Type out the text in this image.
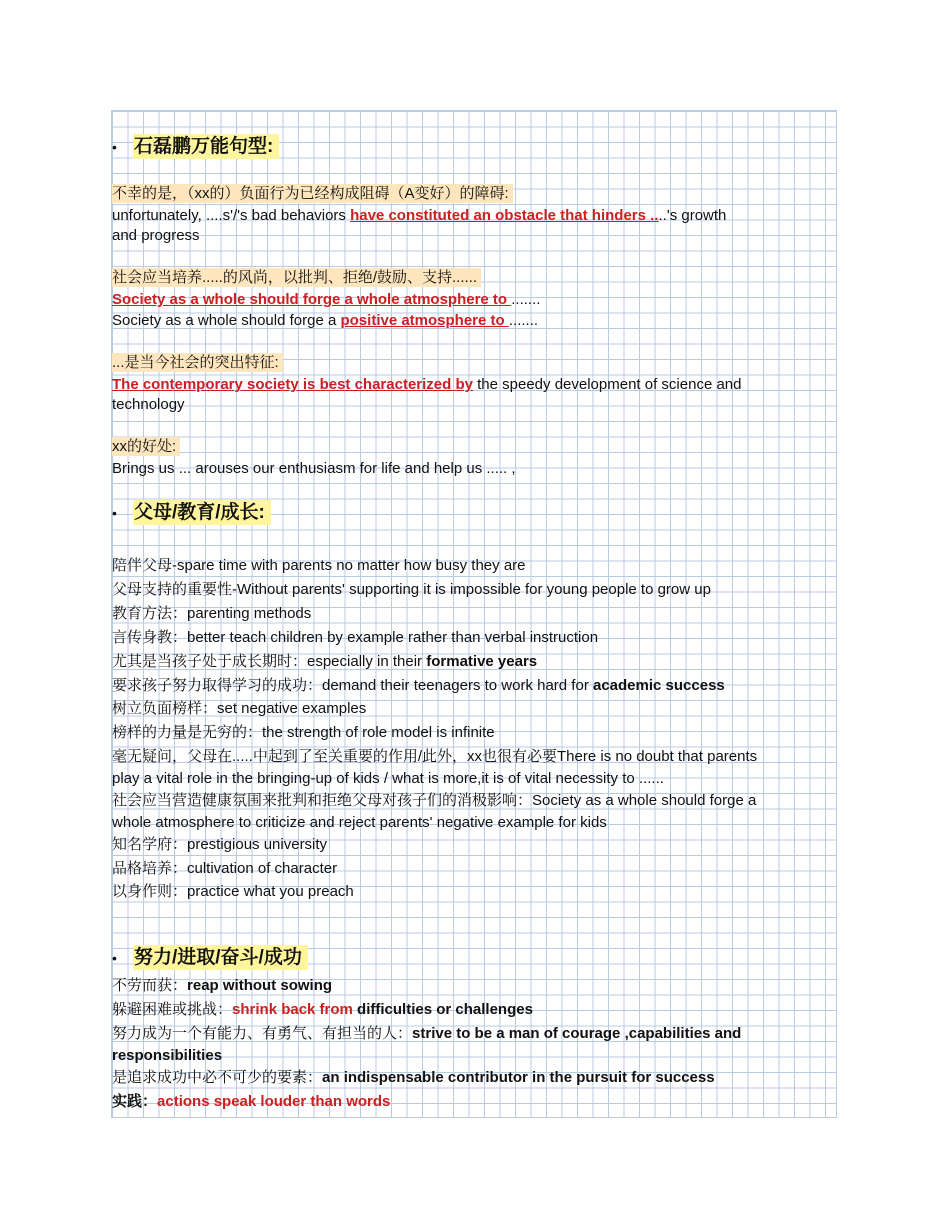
• 石磊鹏万能句型:
不幸的是，（xx的）负面行为已经构成阻碍（A变好）的障碍:
unfortunately, ....s'/'s bad behaviors have constituted an obstacle that hinders ....'s growth
and progress
社会应当培养.....的风尚，以批判、拒绝/鼓励、支持......
Society as a whole should forge a whole atmosphere to .......
Society as a whole should forge a positive atmosphere to .......
...是当今社会的突出特征:
The contemporary society is best characterized by the speedy development of science and
technology
xx的好处:
Brings us ... arouses our enthusiasm for life and help us ..... ,
• 父母/教育/成长:
陪伴父母-spare time with parents no matter how busy they are
父母支持的重要性-Without parents' supporting it is impossible for young people to grow up
教育方法：parenting methods
言传身教：better teach children by example rather than verbal instruction
尤其是当孩子处于成长期时：especially in their formative years
要求孩子努力取得学习的成功：demand their teenagers to work hard for academic success
树立负面榜样：set negative examples
榜样的力量是无穷的：the strength of role model is infinite
毫无疑问，父母在.....中起到了至关重要的作用/此外，xx也很有必要There is no doubt that parents
play a vital role in the bringing-up of kids / what is more,it is of vital necessity to ......
社会应当营造健康氛围来批判和拒绝父母对孩子们的消极影响：Society as a whole should forge a
whole atmosphere to criticize and reject parents' negative example for kids
知名学府：prestigious university
品格培养：cultivation of character
以身作则：practice what you preach
• 努力/进取/奋斗/成功
不劳而获：reap without sowing
躲避困难或挑战：shrink back from difficulties or challenges
努力成为一个有能力、有勇气、有担当的人：strive to be a man of courage ,capabilities and
responsibilities
是追求成功中必不可少的要素：an indispensable contributor in the pursuit for success
实践：actions speak louder than words
